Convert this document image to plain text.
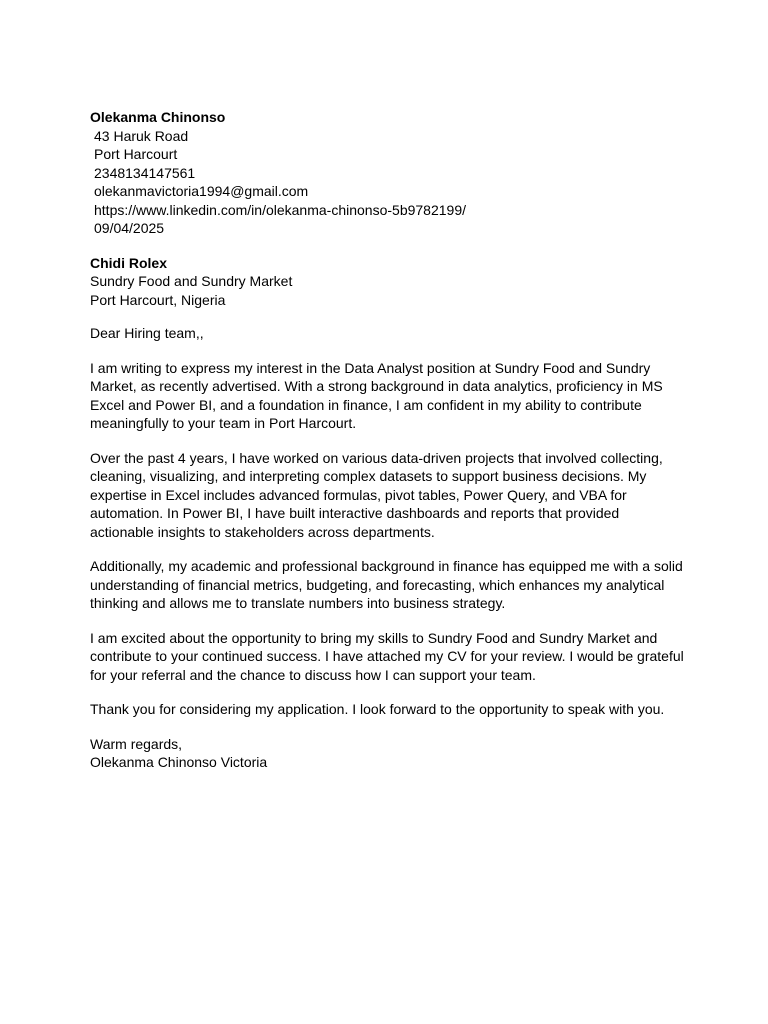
Olekanma Chinonso
43 Haruk Road
Port Harcourt
2348134147561
olekanmavictoria1994@gmail.com
https://www.linkedin.com/in/olekanma-chinonso-5b9782199/
09/04/2025
Chidi Rolex
Sundry Food and Sundry Market
Port Harcourt, Nigeria

Dear Hiring team,,

I am writing to express my interest in the Data Analyst position at Sundry Food and Sundry
Market, as recently advertised. With a strong background in data analytics, proficiency in MS
Excel and Power BI, and a foundation in finance, I am confident in my ability to contribute
meaningfully to your team in Port Harcourt.

Over the past 4 years, I have worked on various data-driven projects that involved collecting,
cleaning, visualizing, and interpreting complex datasets to support business decisions. My
expertise in Excel includes advanced formulas, pivot tables, Power Query, and VBA for
automation. In Power BI, I have built interactive dashboards and reports that provided
actionable insights to stakeholders across departments.

Additionally, my academic and professional background in finance has equipped me with a solid
understanding of financial metrics, budgeting, and forecasting, which enhances my analytical
thinking and allows me to translate numbers into business strategy.

I am excited about the opportunity to bring my skills to Sundry Food and Sundry Market and
contribute to your continued success. I have attached my CV for your review. I would be grateful
for your referral and the chance to discuss how I can support your team.

Thank you for considering my application. I look forward to the opportunity to speak with you.

Warm regards,
Olekanma Chinonso Victoria
